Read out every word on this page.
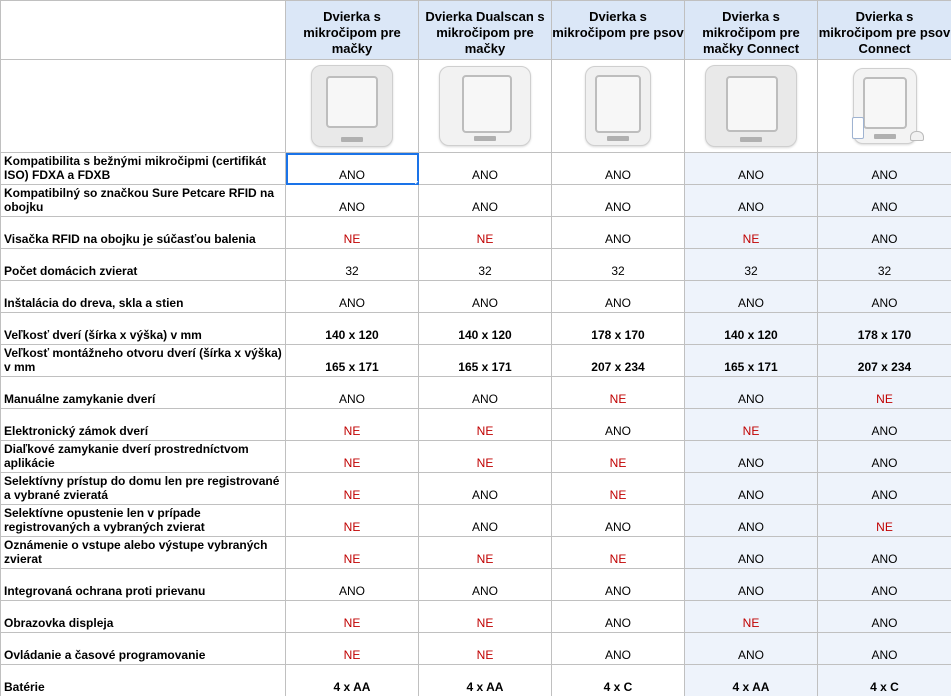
	Dvierka s mikročipom pre mačky	Dvierka Dualscan s mikročipom pre mačky	Dvierka s mikročipom pre psov	Dvierka s mikročipom pre mačky Connect	Dvierka s mikročipom pre psov Connect

Kompatibilita s bežnými mikročipmi (certifikát ISO) FDXA a FDXB	ANO	ANO	ANO	ANO	ANO
Kompatibilný so značkou Sure Petcare RFID na obojku	ANO	ANO	ANO	ANO	ANO
Visačka RFID na obojku je súčasťou balenia	NE	NE	ANO	NE	ANO
Počet domácich zvierat	32	32	32	32	32
Inštalácia do dreva, skla a stien	ANO	ANO	ANO	ANO	ANO
Veľkosť dverí (šírka x výška) v mm	140 x 120	140 x 120	178 x 170	140 x 120	178 x 170
Veľkosť montážneho otvoru dverí (šírka x výška) v mm	165 x 171	165 x 171	207 x 234	165 x 171	207 x 234
Manuálne zamykanie dverí	ANO	ANO	NE	ANO	NE
Elektronický zámok dverí	NE	NE	ANO	NE	ANO
Diaľkové zamykanie dverí prostredníctvom aplikácie	NE	NE	NE	ANO	ANO
Selektívny prístup do domu len pre registrované a vybrané zvieratá	NE	ANO	NE	ANO	ANO
Selektívne opustenie len v prípade registrovaných a vybraných zvierat	NE	ANO	ANO	ANO	NE
Oznámenie o vstupe alebo výstupe vybraných zvierat	NE	NE	NE	ANO	ANO
Integrovaná ochrana proti prievanu	ANO	ANO	ANO	ANO	ANO
Obrazovka displeja	NE	NE	ANO	NE	ANO
Ovládanie a časové programovanie	NE	NE	ANO	ANO	ANO
Batérie	4 x AA	4 x AA	4 x C	4 x AA	4 x C
